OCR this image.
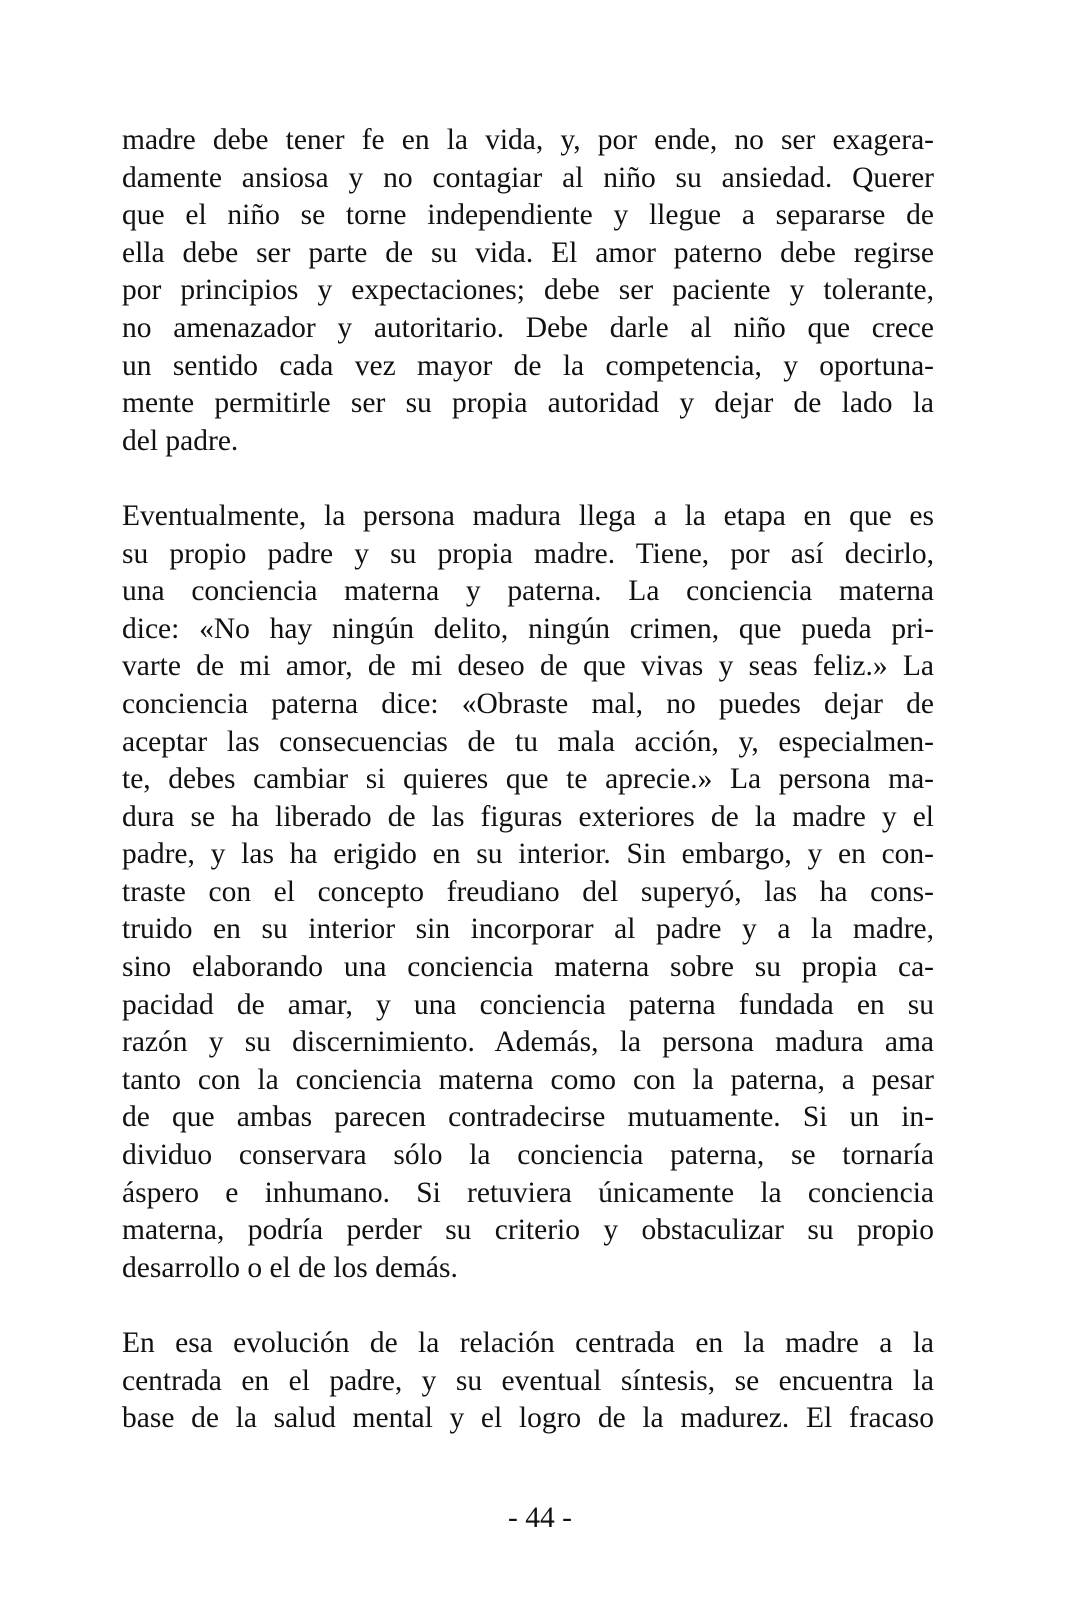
madre debe tener fe en la vida, y, por ende, no ser exagera-
damente ansiosa y no contagiar al niño su ansiedad. Querer
que el niño se torne independiente y llegue a separarse de
ella debe ser parte de su vida. El amor paterno debe regirse
por principios y expectaciones; debe ser paciente y tolerante,
no amenazador y autoritario. Debe darle al niño que crece
un sentido cada vez mayor de la competencia, y oportuna-
mente permitirle ser su propia autoridad y dejar de lado la
del padre.
Eventualmente, la persona madura llega a la etapa en que es
su propio padre y su propia madre. Tiene, por así decirlo,
una conciencia materna y paterna. La conciencia materna
dice: «No hay ningún delito, ningún crimen, que pueda pri-
varte de mi amor, de mi deseo de que vivas y seas feliz.» La
conciencia paterna dice: «Obraste mal, no puedes dejar de
aceptar las consecuencias de tu mala acción, y, especialmen-
te, debes cambiar si quieres que te aprecie.» La persona ma-
dura se ha liberado de las figuras exteriores de la madre y el
padre, y las ha erigido en su interior. Sin embargo, y en con-
traste con el concepto freudiano del superyó, las ha cons-
truido en su interior sin incorporar al padre y a la madre,
sino elaborando una conciencia materna sobre su propia ca-
pacidad de amar, y una conciencia paterna fundada en su
razón y su discernimiento. Además, la persona madura ama
tanto con la conciencia materna como con la paterna, a pesar
de que ambas parecen contradecirse mutuamente. Si un in-
dividuo conservara sólo la conciencia paterna, se tornaría
áspero e inhumano. Si retuviera únicamente la conciencia
materna, podría perder su criterio y obstaculizar su propio
desarrollo o el de los demás.
En esa evolución de la relación centrada en la madre a la
centrada en el padre, y su eventual síntesis, se encuentra la
base de la salud mental y el logro de la madurez. El fracaso
- 44 -
